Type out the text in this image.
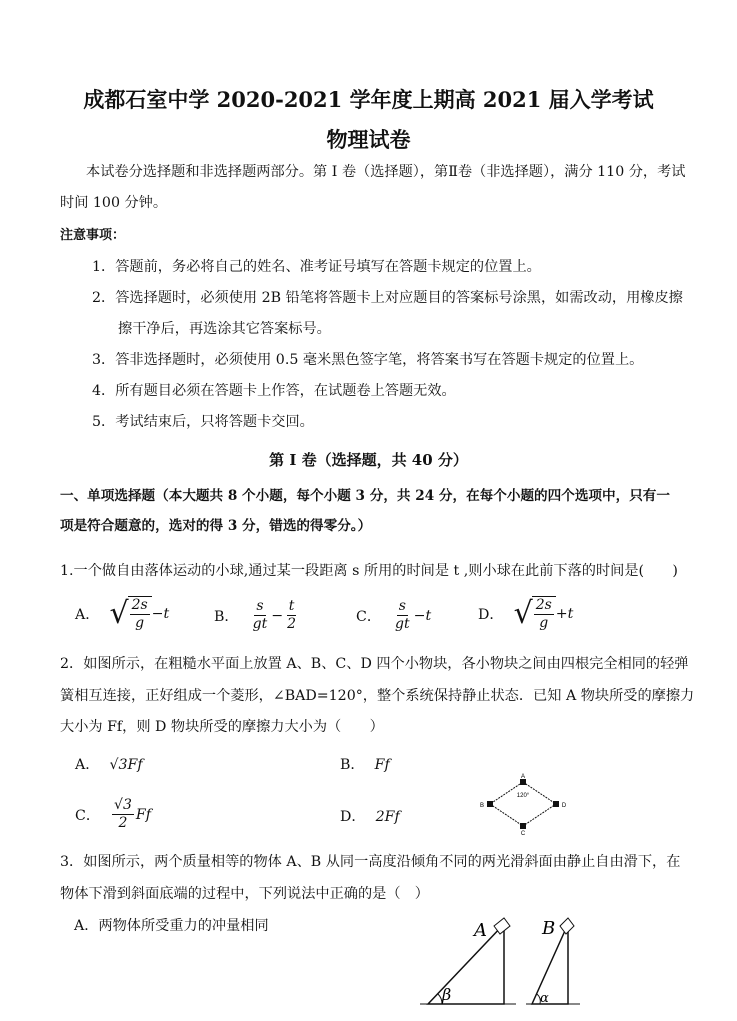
成都石室中学 2020-2021 学年度上期高 2021 届入学考试
物理试卷
本试卷分选择题和非选择题两部分。第 I 卷（选择题），第Ⅱ卷（非选择题），满分 110 分，考试
时间 100 分钟。
注意事项：
1．答题前，务必将自己的姓名、准考证号填写在答题卡规定的位置上。
2．答选择题时，必须使用 2B 铅笔将答题卡上对应题目的答案标号涂黑，如需改动，用橡皮擦
擦干净后，再选涂其它答案标号。
3．答非选择题时，必须使用 0.5 毫米黑色签字笔，将答案书写在答题卡规定的位置上。
4．所有题目必须在答题卡上作答，在试题卷上答题无效。
5．考试结束后，只将答题卡交回。
第 I 卷（选择题，共 40 分）
一、单项选择题（本大题共 8 个小题，每个小题 3 分，共 24 分，在每个小题的四个选项中，只有一
项是符合题意的，选对的得 3 分，错选的得零分。）
1.一个做自由落体运动的小球,通过某一段距离 s 所用的时间是 t ,则小球在此前下落的时间是(　　)
A． √ $\frac{2s}{g} -t$	B． $\frac{s}{gt} - \frac{t}{2}$	C． $\frac{s}{gt} -t$	D． √ $\frac{2s}{g} +t$
2．如图所示，在粗糙水平面上放置 A、B、C、D 四个小物块，各小物块之间由四根完全相同的轻弹
簧相互连接，正好组成一个菱形，∠BAD=120°，整个系统保持静止状态．已知 A 物块所受的摩擦力
大小为 Ff，则 D 物块所受的摩擦力大小为（　　）
A． √3Ff	B． Ff
C． $\frac{√3}{2}$ Ff	D． 2Ff
A
B
C
D
120°
3．如图所示，两个质量相等的物体 A、B 从同一高度沿倾角不同的两光滑斜面由静止自由滑下，在
物体下滑到斜面底端的过程中，下列说法中正确的是（　）
A．两物体所受重力的冲量相同	A
β
B
α
